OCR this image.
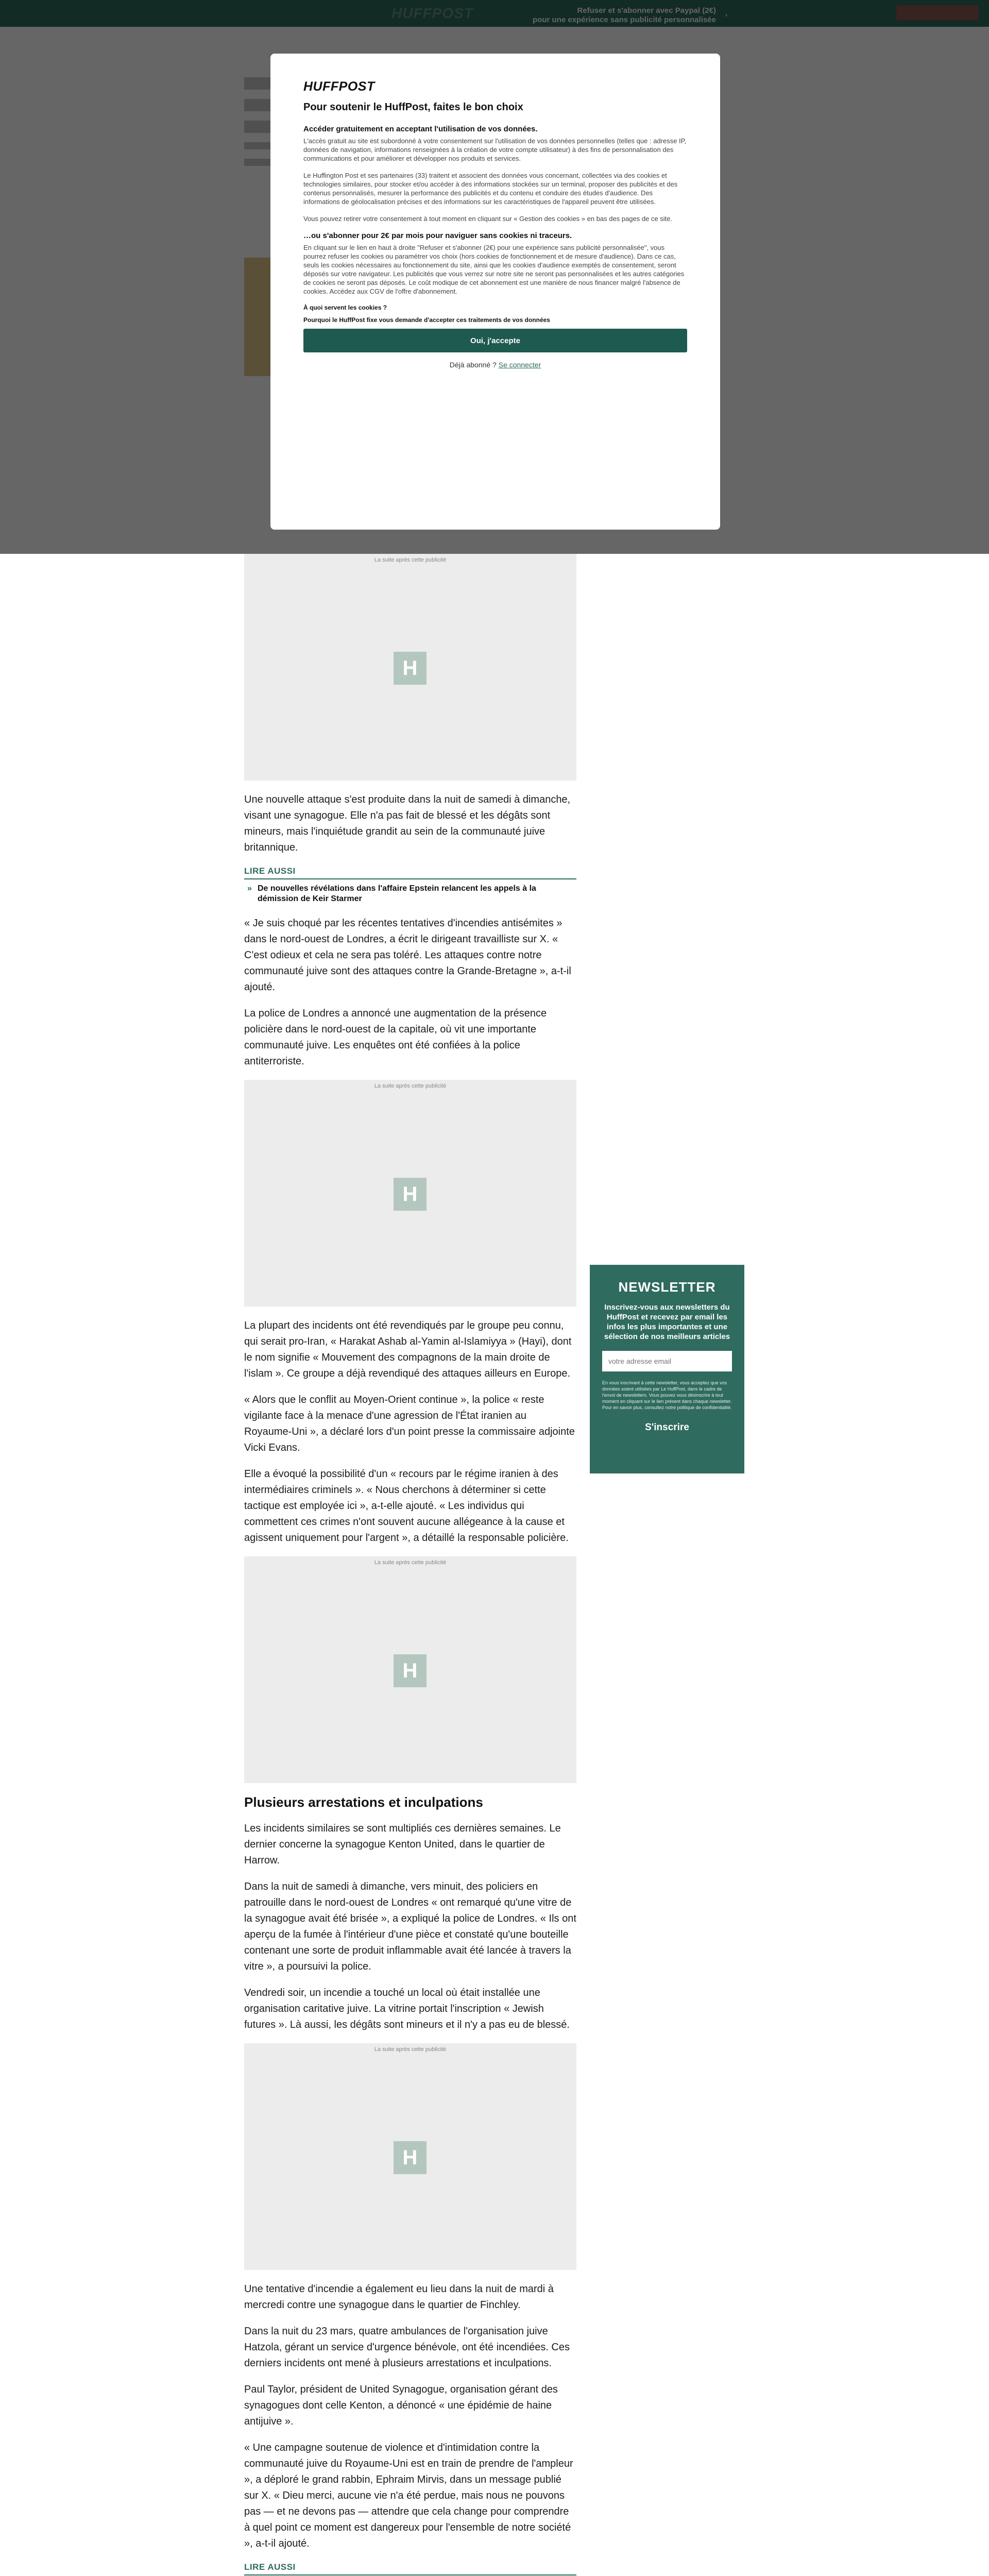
HUFFPOST
Pour soutenir le HuffPost, faites le bon choix
Accéder gratuitement en acceptant l'utilisation de vos données.

L'accès gratuit au site est subordonné à votre consentement sur l'utilisation de vos données personnelles (telles que : adresse IP, données de navigation, informations renseignées à la création de votre compte utilisateur) à des fins de personnalisation des communications et pour améliorer et développer nos produits et services.

Le Huffington Post et ses partenaires (33) traitent et associent des données vous concernant, collectées via des cookies et technologies similaires, pour stocker et/ou accéder à des informations stockées sur un terminal, proposer des publicités et des contenus personnalisés, mesurer la performance des publicités et du contenu et conduire des études d'audience. Des informations de géolocalisation précises et des informations sur les caractéristiques de l'appareil peuvent être utilisées.

Vous pouvez retirer votre consentement à tout moment en cliquant sur « Gestion des cookies » en bas des pages de ce site.

…ou s'abonner pour 2€ par mois pour naviguer sans cookies ni traceurs.

En cliquant sur le lien en haut à droite "Refuser et s'abonner (2€) pour une expérience sans publicité personnalisée", vous pourrez refuser les cookies ou paramétrer vos choix (hors cookies de fonctionnement et de mesure d'audience). Dans ce cas, seuls les cookies nécessaires au fonctionnement du site, ainsi que les cookies d'audience exemptés de consentement, seront déposés sur votre navigateur. Les publicités que vous verrez sur notre site ne seront pas personnalisées et les autres catégories de cookies ne seront pas déposés. Le coût modique de cet abonnement est une manière de nous financer malgré l'absence de cookies. Accédez aux CGV de l'offre d'abonnement.

À quoi servent les cookies ?
Pourquoi le HuffPost fixe vous demande d'accepter ces traitements de vos données
Oui, j'accepte
Déjà abonné ? Se connecter
La suite après cette publicité
H

Une nouvelle attaque s'est produite dans la nuit de samedi à dimanche, visant une synagogue. Elle n'a pas fait de blessé et les dégâts sont mineurs, mais l'inquiétude grandit au sein de la communauté juive britannique.

LIRE AUSSI
» De nouvelles révélations dans l'affaire Epstein relancent les appels à la démission de Keir Starmer

« Je suis choqué par les récentes tentatives d'incendies antisémites » dans le nord-ouest de Londres, a écrit le dirigeant travailliste sur X. « C'est odieux et cela ne sera pas toléré. Les attaques contre notre communauté juive sont des attaques contre la Grande-Bretagne », a-t-il ajouté.

La police de Londres a annoncé une augmentation de la présence policière dans le nord-ouest de la capitale, où vit une importante communauté juive. Les enquêtes ont été confiées à la police antiterroriste.

La suite après cette publicité
H

La plupart des incidents ont été revendiqués par le groupe peu connu, qui serait pro-Iran, « Harakat Ashab al-Yamin al-Islamiyya » (Hayi), dont le nom signifie « Mouvement des compagnons de la main droite de l'islam ». Ce groupe a déjà revendiqué des attaques ailleurs en Europe.

« Alors que le conflit au Moyen-Orient continue », la police « reste vigilante face à la menace d'une agression de l'État iranien au Royaume-Uni », a déclaré lors d'un point presse la commissaire adjointe Vicki Evans.

Elle a évoqué la possibilité d'un « recours par le régime iranien à des intermédiaires criminels ». « Nous cherchons à déterminer si cette tactique est employée ici », a-t-elle ajouté. « Les individus qui commettent ces crimes n'ont souvent aucune allégeance à la cause et agissent uniquement pour l'argent », a détaillé la responsable policière.

La suite après cette publicité
H
Plusieurs arrestations et inculpations

Les incidents similaires se sont multipliés ces dernières semaines. Le dernier concerne la synagogue Kenton United, dans le quartier de Harrow.

Dans la nuit de samedi à dimanche, vers minuit, des policiers en patrouille dans le nord-ouest de Londres « ont remarqué qu'une vitre de la synagogue avait été brisée », a expliqué la police de Londres. « Ils ont aperçu de la fumée à l'intérieur d'une pièce et constaté qu'une bouteille contenant une sorte de produit inflammable avait été lancée à travers la vitre », a poursuivi la police.

Vendredi soir, un incendie a touché un local où était installée une organisation caritative juive. La vitrine portait l'inscription « Jewish futures ». Là aussi, les dégâts sont mineurs et il n'y a pas eu de blessé.

La suite après cette publicité
H

Une tentative d'incendie a également eu lieu dans la nuit de mardi à mercredi contre une synagogue dans le quartier de Finchley.

Dans la nuit du 23 mars, quatre ambulances de l'organisation juive Hatzola, gérant un service d'urgence bénévole, ont été incendiées. Ces derniers incidents ont mené à plusieurs arrestations et inculpations.

Paul Taylor, président de United Synagogue, organisation gérant des synagogues dont celle Kenton, a dénoncé « une épidémie de haine antijuive ».

« Une campagne soutenue de violence et d'intimidation contre la communauté juive du Royaume-Uni est en train de prendre de l'ampleur », a déploré le grand rabbin, Ephraim Mirvis, dans un message publié sur X. « Dieu merci, aucune vie n'a été perdue, mais nous ne pouvons pas — et ne devons pas — attendre que cela change pour comprendre à quel point ce moment est dangereux pour l'ensemble de notre société », a-t-il ajouté.

LIRE AUSSI
NEWSLETTER
Inscrivez-vous aux newsletters du HuffPost et recevez par email les infos les plus importantes et une sélection de nos meilleurs articles
votre adresse email
✉
En vous inscrivant à cette newsletter, vous acceptez que vos données soient utilisées par Le HuffPost, dans le cadre de l'envoi de newsletters. Vous pouvez vous désinscrire à tout moment en cliquant sur le lien présent dans chaque newsletter. Pour en savoir plus, consultez notre politique de confidentialité.
S'inscrire
